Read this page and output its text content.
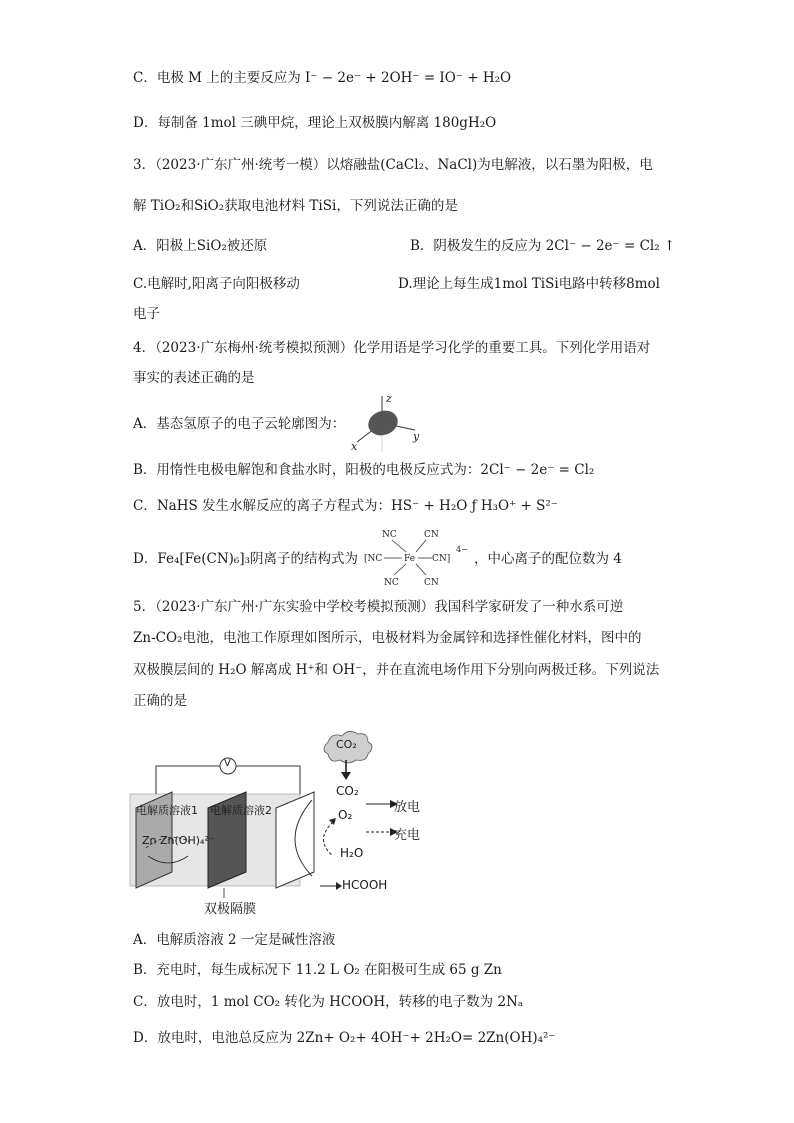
C．电极 M 上的主要反应为 I⁻ − 2e⁻ + 2OH⁻ = IO⁻ + H₂O
D．每制备 1mol 三碘甲烷，理论上双极膜内解离 180gH₂O
3．（2023·广东广州·统考一模）以熔融盐(CaCl₂、NaCl)为电解液，以石墨为阳极，电
解 TiO₂和SiO₂获取电池材料 TiSi，下列说法正确的是
A．阳极上SiO₂被还原	B．阴极发生的反应为 2Cl⁻ − 2e⁻ = Cl₂ ↑
C.电解时,阳离子向阳极移动	D.理论上每生成1mol TiSi电路中转移8mol
电子
4．（2023·广东梅州·统考模拟预测）化学用语是学习化学的重要工具。下列化学用语对
事实的表述正确的是
A．基态氢原子的电子云轮廓图为：
z
y
x
B．用惰性电极电解饱和食盐水时，阳极的电极反应式为：2Cl⁻ − 2e⁻ = Cl₂
C．NaHS 发生水解反应的离子方程式为：HS⁻ + H₂O ƒ H₃O⁺ + S²⁻
D．Fe₄[Fe(CN)₆]₃阴离子的结构式为
NC	CN
[NC Fe CN]
4−
NC	CN
，中心离子的配位数为 4
5．（2023·广东广州·广东实验中学校考模拟预测）我国科学家研发了一种水系可逆
Zn-CO₂电池，电池工作原理如图所示，电极材料为金属锌和选择性催化材料，图中的
双极膜层间的 H₂O 解离成 H⁺和 OH⁻，并在直流电场作用下分别向两极迁移。下列说法
正确的是
V
CO₂
CO₂
O₂
H₂O
HCOOH
放电
充电
电解质溶液1 电解质溶液2
Zn Zn(OH)₄²⁻
双极隔膜
A．电解质溶液 2 一定是碱性溶液
B．充电时，每生成标况下 11.2 L O₂ 在阳极可生成 65 g Zn
C．放电时，1 mol CO₂ 转化为 HCOOH，转移的电子数为 2Nₐ
D．放电时，电池总反应为 2Zn+ O₂+ 4OH⁻+ 2H₂O= 2Zn(OH)₄²⁻
